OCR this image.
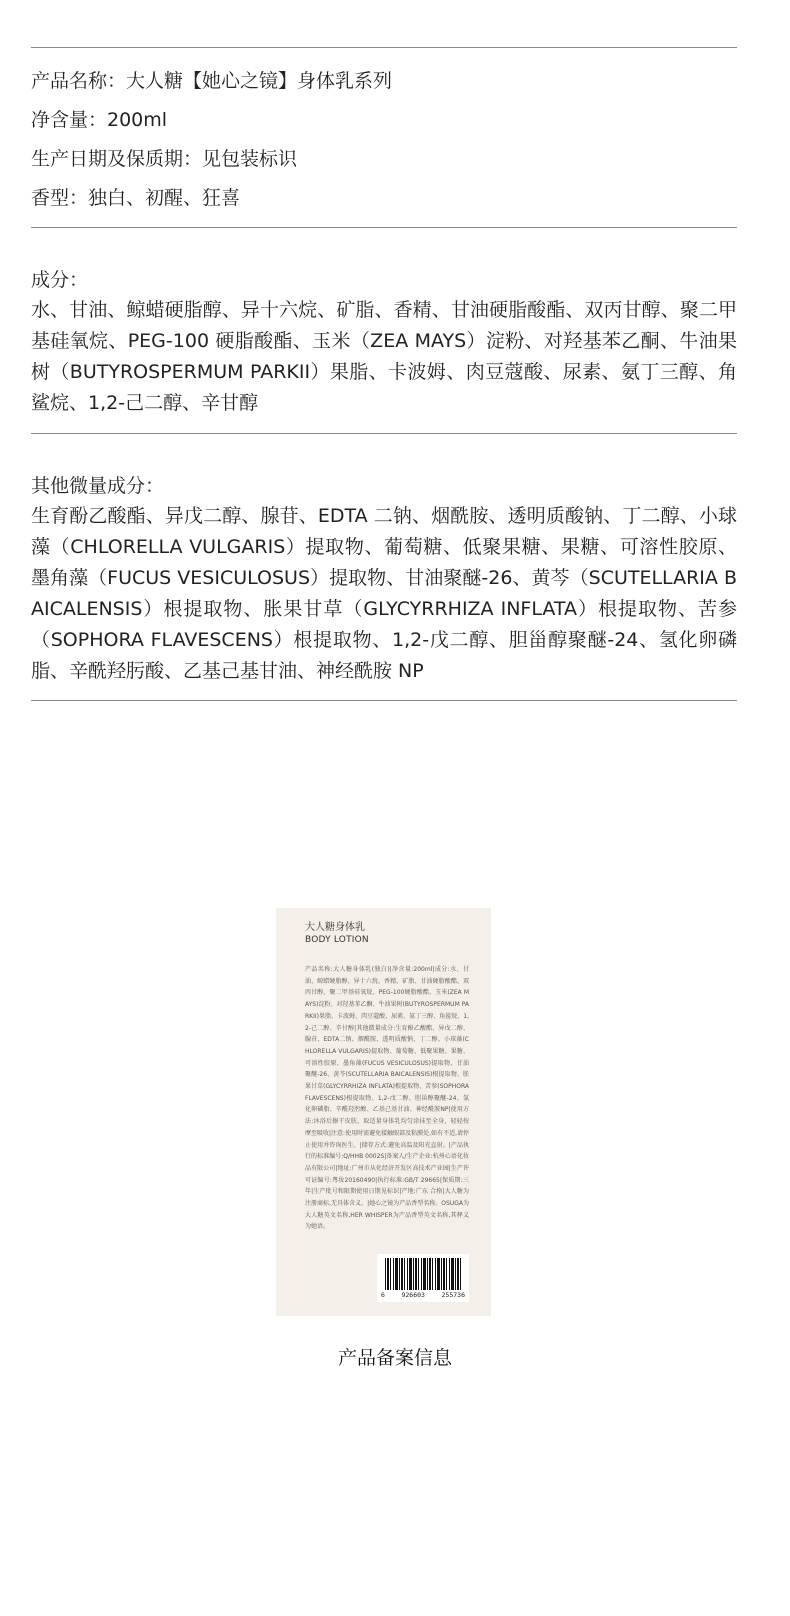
产品名称：大人糖【她心之镜】身体乳系列
净含量：200ml
生产日期及保质期：见包装标识
香型：独白、初醒、狂喜
成分：
水、甘油、鲸蜡硬脂醇、异十六烷、矿脂、香精、甘油硬脂酸酯、双丙甘醇、聚二甲基硅氧烷、PEG-100 硬脂酸酯、玉米（ZEA MAYS）淀粉、对羟基苯乙酮、牛油果树（BUTYROSPERMUM PARKII）果脂、卡波姆、肉豆蔻酸、尿素、氨丁三醇、角鲨烷、1,2-己二醇、辛甘醇
其他微量成分：
生育酚乙酸酯、异戊二醇、腺苷、EDTA 二钠、烟酰胺、透明质酸钠、丁二醇、小球藻（CHLORELLA VULGARIS）提取物、葡萄糖、低聚果糖、果糖、可溶性胶原、墨角藻（FUCUS VESICULOSUS）提取物、甘油聚醚-26、黄芩（SCUTELLARIA BAICALENSIS）根提取物、胀果甘草（GLYCYRRHIZA INFLATA）根提取物、苦参（SOPHORA FLAVESCENS）根提取物、1,2-戊二醇、胆甾醇聚醚-24、氢化卵磷脂、辛酰羟肟酸、乙基己基甘油、神经酰胺 NP
大人糖身体乳
BODY LOTION
产品名称:大人糖身体乳(独白)|净含量:200ml|成分:水、甘油、鲸蜡硬脂醇、异十六烷、香精、矿脂、甘油硬脂酸酯、双丙甘醇、聚二甲基硅氧烷、PEG-100硬脂酸酯、玉米(ZEA MAYS)淀粉、对羟基苯乙酮、牛油果树(BUTYROSPERMUM PARKII)果脂、卡波姆、肉豆蔻酸、尿素、氨丁三醇、角鲨烷、1,2-己二醇、辛甘醇|其他微量成分:生育酚乙酸酯、异戊二醇、腺苷、EDTA二钠、烟酰胺、透明质酸钠、丁二醇、小球藻(CHLORELLA VULGARIS)提取物、葡萄糖、低聚果糖、果糖、可溶性胶原、墨角藻(FUCUS VESICULOSUS)提取物、甘油聚醚-26、黄芩(SCUTELLARIA BAICALENSIS)根提取物、胀果甘草(GLYCYRRHIZA INFLATA)根提取物、苦参(SOPHORA FLAVESCENS)根提取物、1,2-戊二醇、胆甾醇聚醚-24、氢化卵磷脂、辛酰羟肟酸、乙基己基甘油、神经酰胺NP|使用方法:沐浴后擦干皮肤，取适量身体乳均匀涂抹至全身，轻轻按摩至吸收|注意:使用时需避免接触眼部及粘膜处,如有不适,请停止使用并咨询医生。|储存方式:避免高温及阳光直射。|产品执行的标准编号:Q/HHB 0002S|备案人/生产企业:杭州心语化妆品有限公司|地址:广州市从化经济开发区高技术产业园|生产许可证编号:粤妆20160490|执行标准:GB/T 29665|保质期:三年|生产批号和限期使用日期见标识|产地:广东 合格|大人糖为注册商标,无具体含义。|她心之镜为产品香型名称。OSUGA为大人糖英文名称,HER WHISPER为产品香型英文名称,其释义为她语。
6	926603	255736
产品备案信息
